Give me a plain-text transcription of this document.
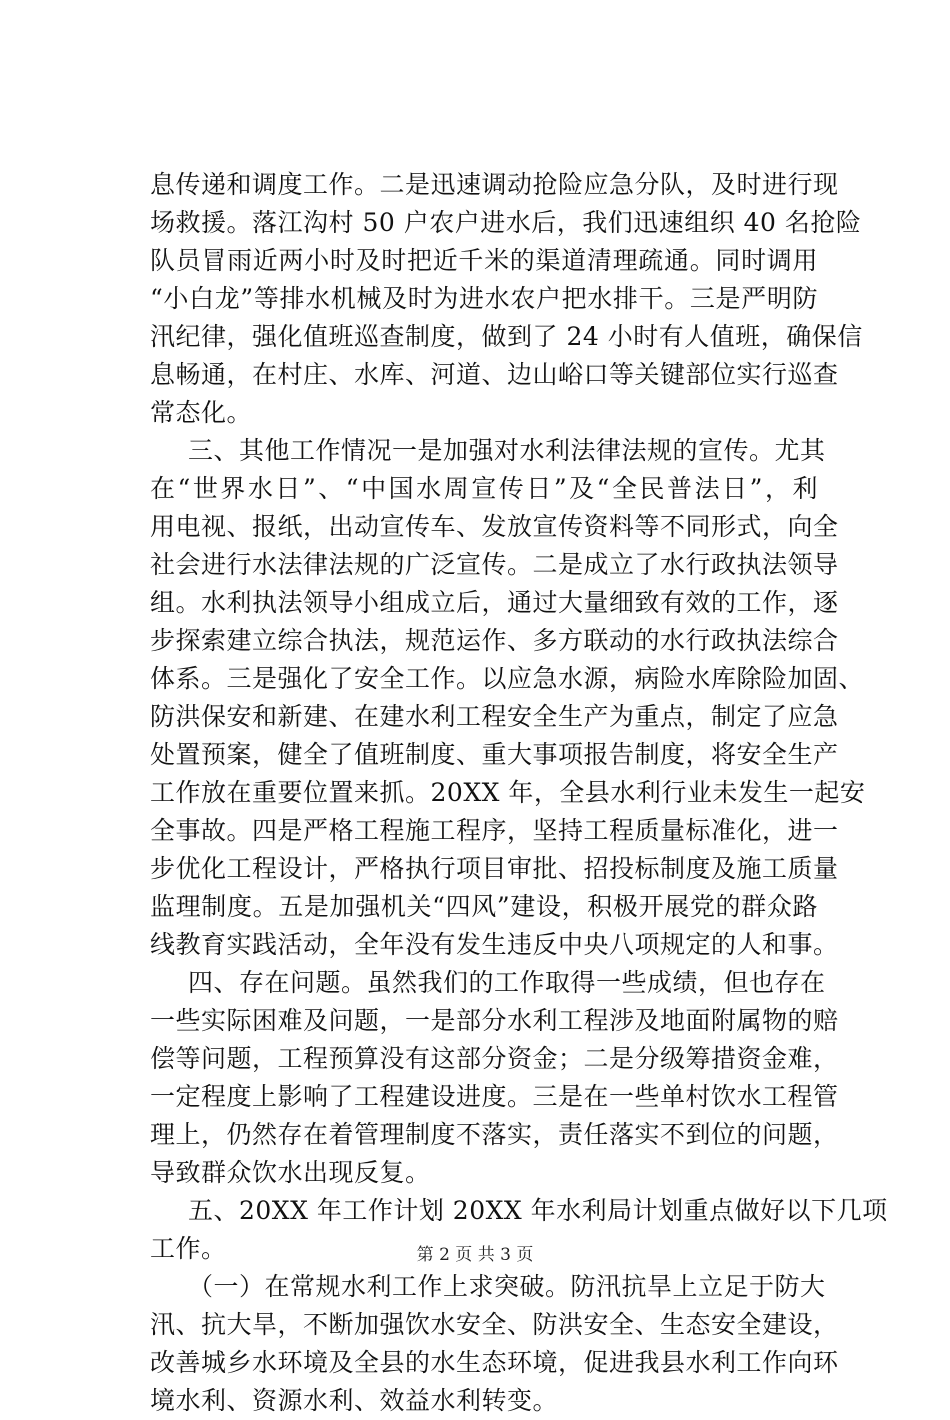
息传递和调度工作。二是迅速调动抢险应急分队，及时进行现
场救援。落江沟村 50 户农户进水后，我们迅速组织 40 名抢险
队员冒雨近两小时及时把近千米的渠道清理疏通。同时调用
“小白龙”等排水机械及时为进水农户把水排干。三是严明防
汛纪律，强化值班巡查制度，做到了 24 小时有人值班，确保信
息畅通，在村庄、水库、河道、边山峪口等关键部位实行巡查
常态化。
三、其他工作情况一是加强对水利法律法规的宣传。尤其
在“世界水日”、“中国水周宣传日”及“全民普法日”，利
用电视、报纸，出动宣传车、发放宣传资料等不同形式，向全
社会进行水法律法规的广泛宣传。二是成立了水行政执法领导
组。水利执法领导小组成立后，通过大量细致有效的工作，逐
步探索建立综合执法，规范运作、多方联动的水行政执法综合
体系。三是强化了安全工作。以应急水源，病险水库除险加固、
防洪保安和新建、在建水利工程安全生产为重点，制定了应急
处置预案，健全了值班制度、重大事项报告制度，将安全生产
工作放在重要位置来抓。20XX 年，全县水利行业未发生一起安
全事故。四是严格工程施工程序，坚持工程质量标准化，进一
步优化工程设计，严格执行项目审批、招投标制度及施工质量
监理制度。五是加强机关“四风”建设，积极开展党的群众路
线教育实践活动，全年没有发生违反中央八项规定的人和事。
四、存在问题。虽然我们的工作取得一些成绩，但也存在
一些实际困难及问题，一是部分水利工程涉及地面附属物的赔
偿等问题，工程预算没有这部分资金；二是分级筹措资金难，
一定程度上影响了工程建设进度。三是在一些单村饮水工程管
理上，仍然存在着管理制度不落实，责任落实不到位的问题，
导致群众饮水出现反复。
五、20XX 年工作计划 20XX 年水利局计划重点做好以下几项
工作。
（一）在常规水利工作上求突破。防汛抗旱上立足于防大
汛、抗大旱，不断加强饮水安全、防洪安全、生态安全建设，
改善城乡水环境及全县的水生态环境，促进我县水利工作向环
境水利、资源水利、效益水利转变。
第 2 页 共 3 页
